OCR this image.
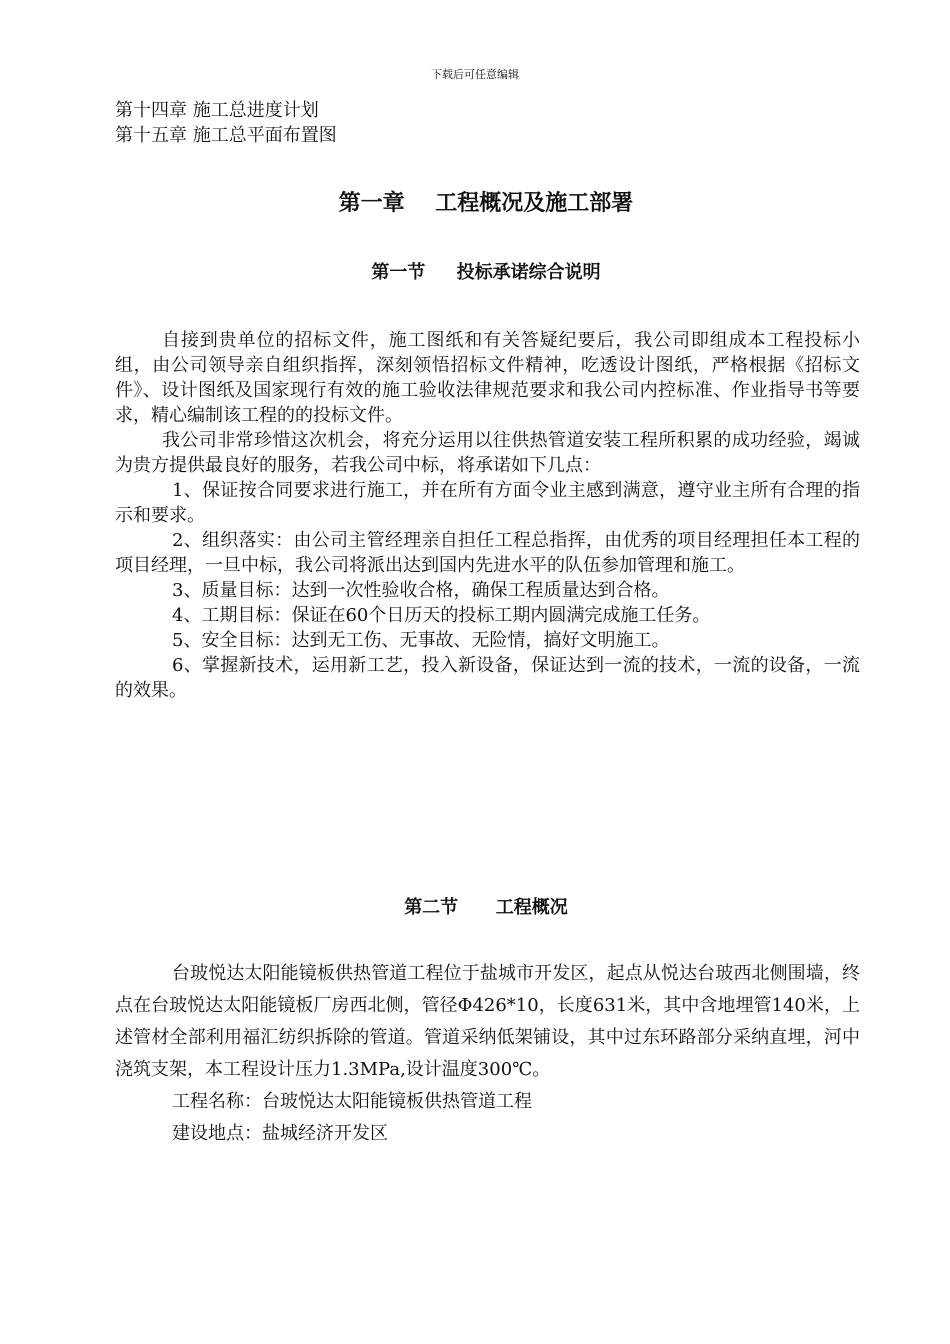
下载后可任意编辑
第十四章 施工总进度计划
第十五章 施工总平面布置图
第一章    工程概况及施工部署
第一节     投标承诺综合说明

自接到贵单位的招标文件，施工图纸和有关答疑纪要后，我公司即组成本工程投标小组，由公司领导亲自组织指挥，深刻领悟招标文件精神，吃透设计图纸，严格根据《招标文件》、设计图纸及国家现行有效的施工验收法律规范要求和我公司内控标准、作业指导书等要求，精心编制该工程的的投标文件。

我公司非常珍惜这次机会，将充分运用以往供热管道安装工程所积累的成功经验，竭诚为贵方提供最良好的服务，若我公司中标，将承诺如下几点：

1、保证按合同要求进行施工，并在所有方面令业主感到满意，遵守业主所有合理的指示和要求。

2、组织落实：由公司主管经理亲自担任工程总指挥，由优秀的项目经理担任本工程的项目经理，一旦中标，我公司将派出达到国内先进水平的队伍参加管理和施工。

3、质量目标：达到一次性验收合格，确保工程质量达到合格。

4、工期目标：保证在60个日历天的投标工期内圆满完成施工任务。

5、安全目标：达到无工伤、无事故、无险情，搞好文明施工。

6、掌握新技术，运用新工艺，投入新设备，保证达到一流的技术，一流的设备，一流的效果。

第二节      工程概况

台玻悦达太阳能镜板供热管道工程位于盐城市开发区，起点从悦达台玻西北侧围墙，终点在台玻悦达太阳能镜板厂房西北侧，管径Φ426*10，长度631米，其中含地埋管140米，上述管材全部利用福汇纺织拆除的管道。管道采纳低架铺设，其中过东环路部分采纳直埋，河中浇筑支架，本工程设计压力1.3MPa,设计温度300℃。

工程名称：台玻悦达太阳能镜板供热管道工程

建设地点：盐城经济开发区
